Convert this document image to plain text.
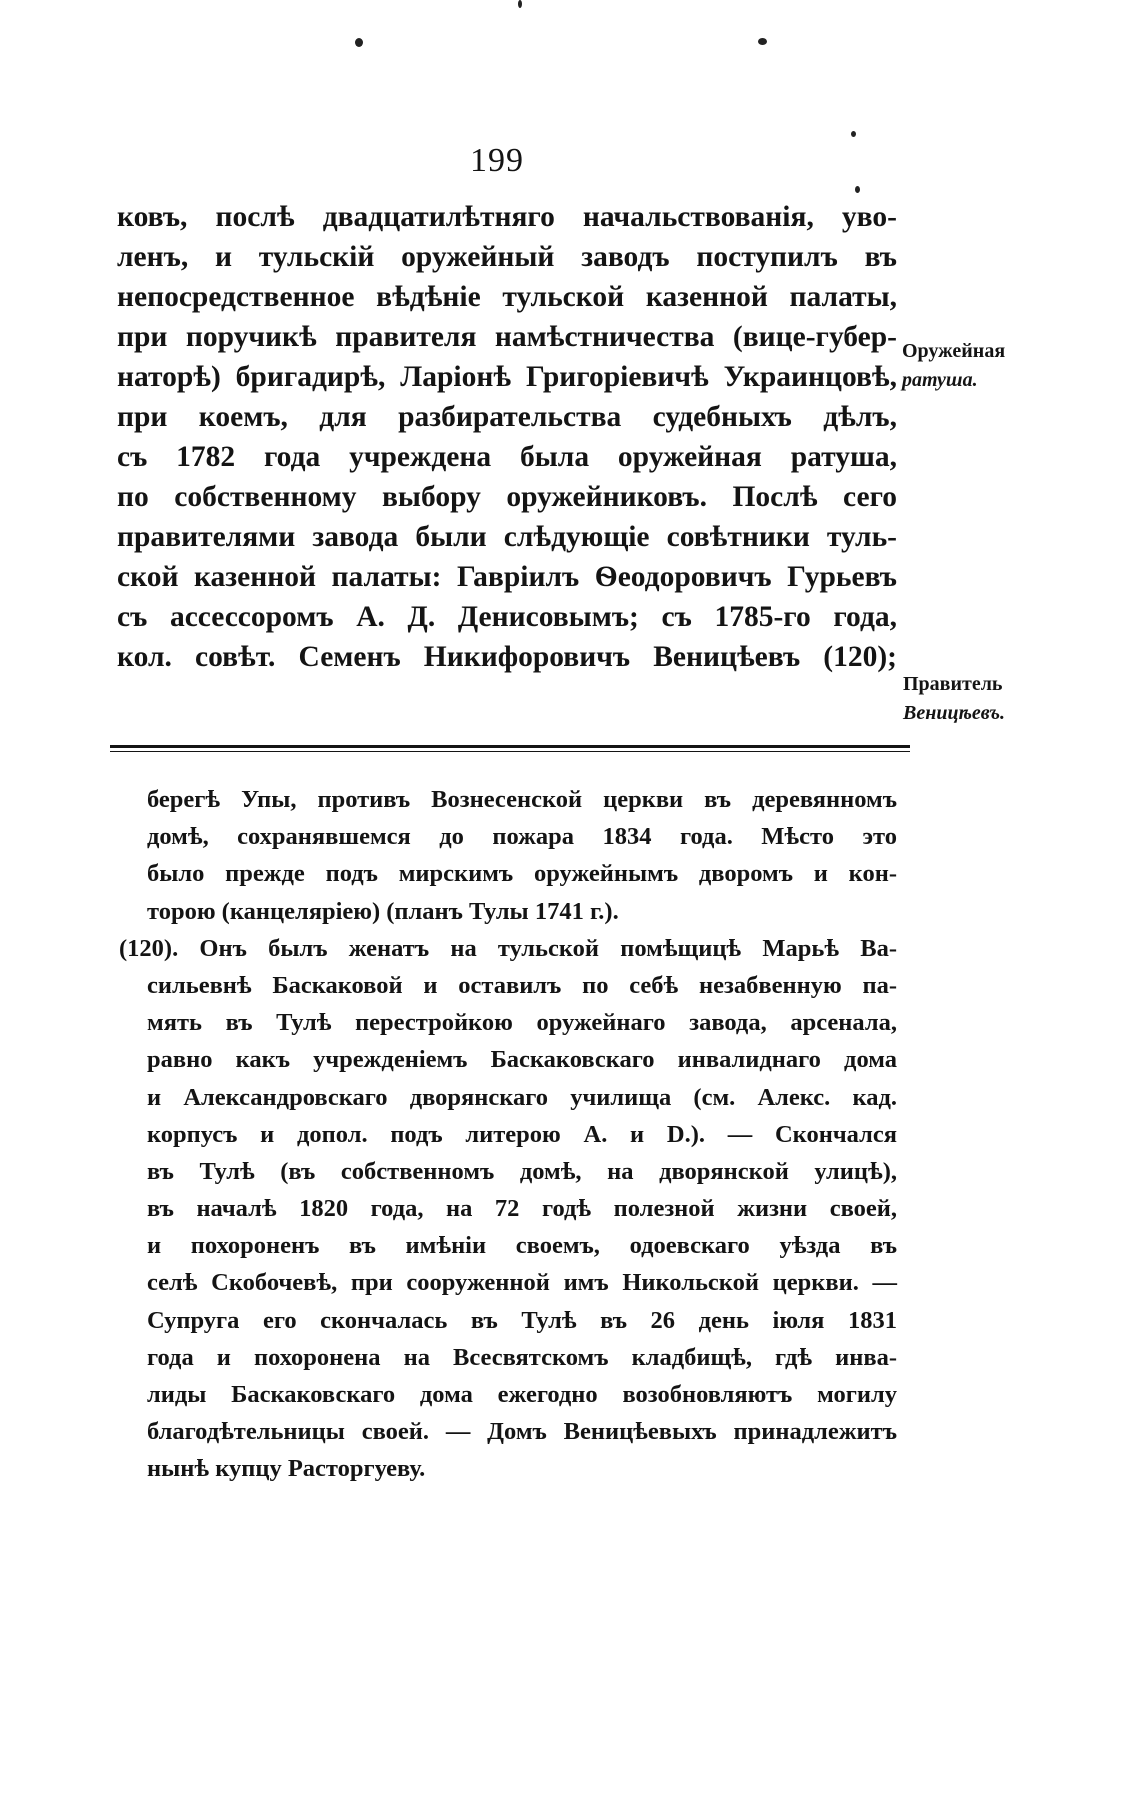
199
ковъ, послѣ двадцатилѣтняго начальствованія, уво-
ленъ, и тульскій оружейный заводъ поступилъ въ
непосредственное вѣдѣніе тульской казенной палаты,
при поручикѣ правителя намѣстничества (вице-губер-
наторѣ) бригадирѣ, Ларіонѣ Григоріевичѣ Украинцовѣ,
при коемъ, для разбирательства судебныхъ дѣлъ,
съ 1782 года учреждена была оружейная ратуша,
по собственному выбору оружейниковъ. Послѣ сего
правителями завода были слѣдующіе совѣтники туль-
ской казенной палаты: Гавріилъ Ѳеодоровичъ Гурьевъ
съ ассессоромъ А. Д. Денисовымъ; съ 1785-го года,
кол. совѣт. Семенъ Никифоровичъ Веницѣевъ (120);
Оружейная
ратуша.
Правитель
Веницѣевъ.
берегѣ Упы, противъ Вознесенской церкви въ деревянномъ
домѣ, сохранявшемся до пожара 1834 года. Мѣсто это
было прежде подъ мирскимъ оружейнымъ дворомъ и кон-
торою (канцеляріею) (планъ Тулы 1741 г.).
(120). Онъ былъ женатъ на тульской помѣщицѣ Марьѣ Ва-
сильевнѣ Баскаковой и оставилъ по себѣ незабвенную па-
мять въ Тулѣ перестройкою оружейнаго завода, арсенала,
равно какъ учрежденіемъ Баскаковскаго инвалиднаго дома
и Александровскаго дворянскаго училища (см. Алекс. кад.
корпусъ и допол. подъ литерою А. и D.). — Скончался
въ Тулѣ (въ собственномъ домѣ, на дворянской улицѣ),
въ началѣ 1820 года, на 72 годѣ полезной жизни своей,
и похороненъ въ имѣніи своемъ, одоевскаго уѣзда въ
селѣ Скобочевѣ, при сооруженной имъ Никольской церкви. —
Супруга его скончалась въ Тулѣ въ 26 день іюля 1831
года и похоронена на Всесвятскомъ кладбищѣ, гдѣ инва-
лиды Баскаковскаго дома ежегодно возобновляютъ могилу
благодѣтельницы своей. — Домъ Веницѣевыхъ принадлежитъ
нынѣ купцу Расторгуеву.
